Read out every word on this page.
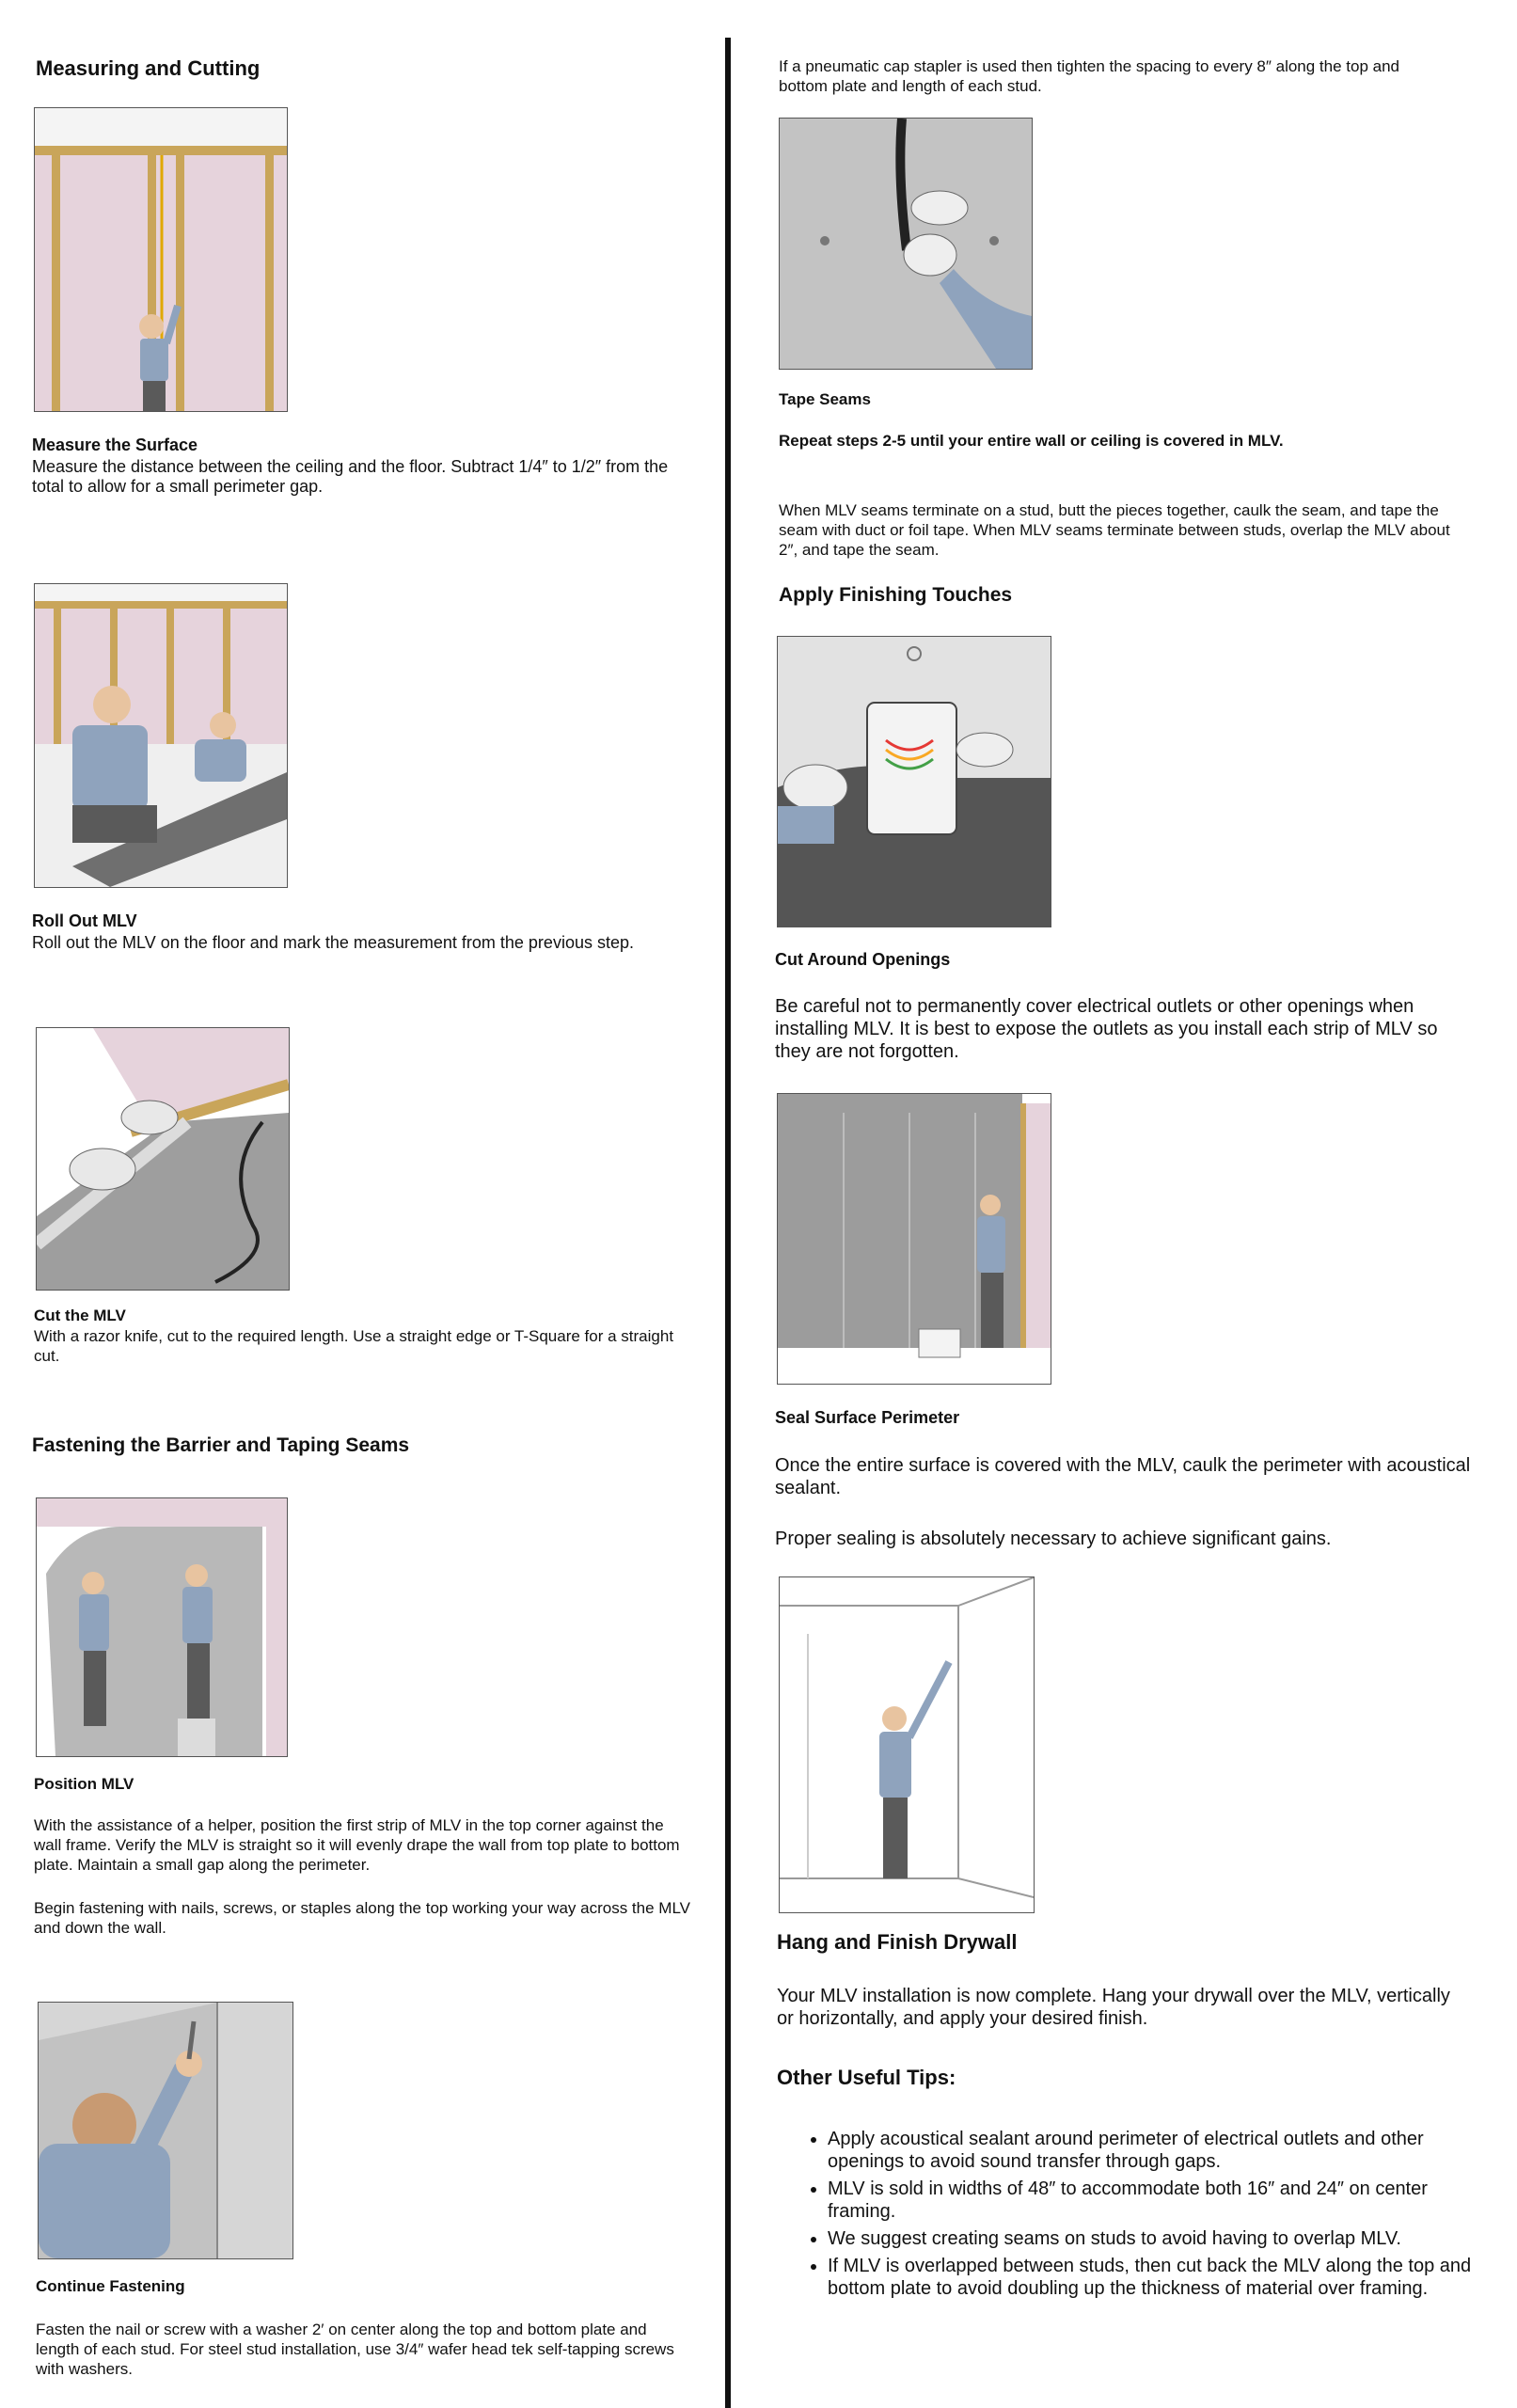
Measuring and Cutting
Measure the Surface
Measure the distance between the ceiling and the floor. Subtract 1/4″ to 1/2″ from the total to allow for a small perimeter gap.
Roll Out MLV
Roll out the MLV on the floor and mark the measurement from the previous step.
Cut the MLV
With a razor knife, cut to the required length. Use a straight edge or T-Square for a straight cut.
Fastening the Barrier and Taping Seams
Position MLV
With the assistance of a helper, position the first strip of MLV in the top corner against the wall frame. Verify the MLV is straight so it will evenly drape the wall from top plate to bottom plate. Maintain a small gap along the perimeter.
Begin fastening with nails, screws, or staples along the top working your way across the MLV and down the wall.
Continue Fastening
Fasten the nail or screw with a washer 2′ on center along the top and bottom plate and length of each stud. For steel stud installation, use 3/4″ wafer head tek self-tapping screws with washers.
If a pneumatic cap stapler is used then tighten the spacing to every 8″ along the top and bottom plate and length of each stud.
Tape Seams
Repeat steps 2-5 until your entire wall or ceiling is covered in MLV.
When MLV seams terminate on a stud, butt the pieces together, caulk the seam, and tape the seam with duct or foil tape. When MLV seams terminate between studs, overlap the MLV about 2″, and tape the seam.
Apply Finishing Touches
Cut Around Openings
Be careful not to permanently cover electrical outlets or other openings when installing MLV. It is best to expose the outlets as you install each strip of MLV so they are not forgotten.
Seal Surface Perimeter
Once the entire surface is covered with the MLV, caulk the perimeter with acoustical sealant.
Proper sealing is absolutely necessary to achieve significant gains.
Hang and Finish Drywall
Your MLV installation is now complete. Hang your drywall over the MLV, vertically or horizontally, and apply your desired finish.
Other Useful Tips:
• Apply acoustical sealant around perimeter of electrical outlets and other openings to avoid sound transfer through gaps.
• MLV is sold in widths of 48″ to accommodate both 16″ and 24″ on center framing.
• We suggest creating seams on studs to avoid having to overlap MLV.
• If MLV is overlapped between studs, then cut back the MLV along the top and bottom plate to avoid doubling up the thickness of material over framing.
